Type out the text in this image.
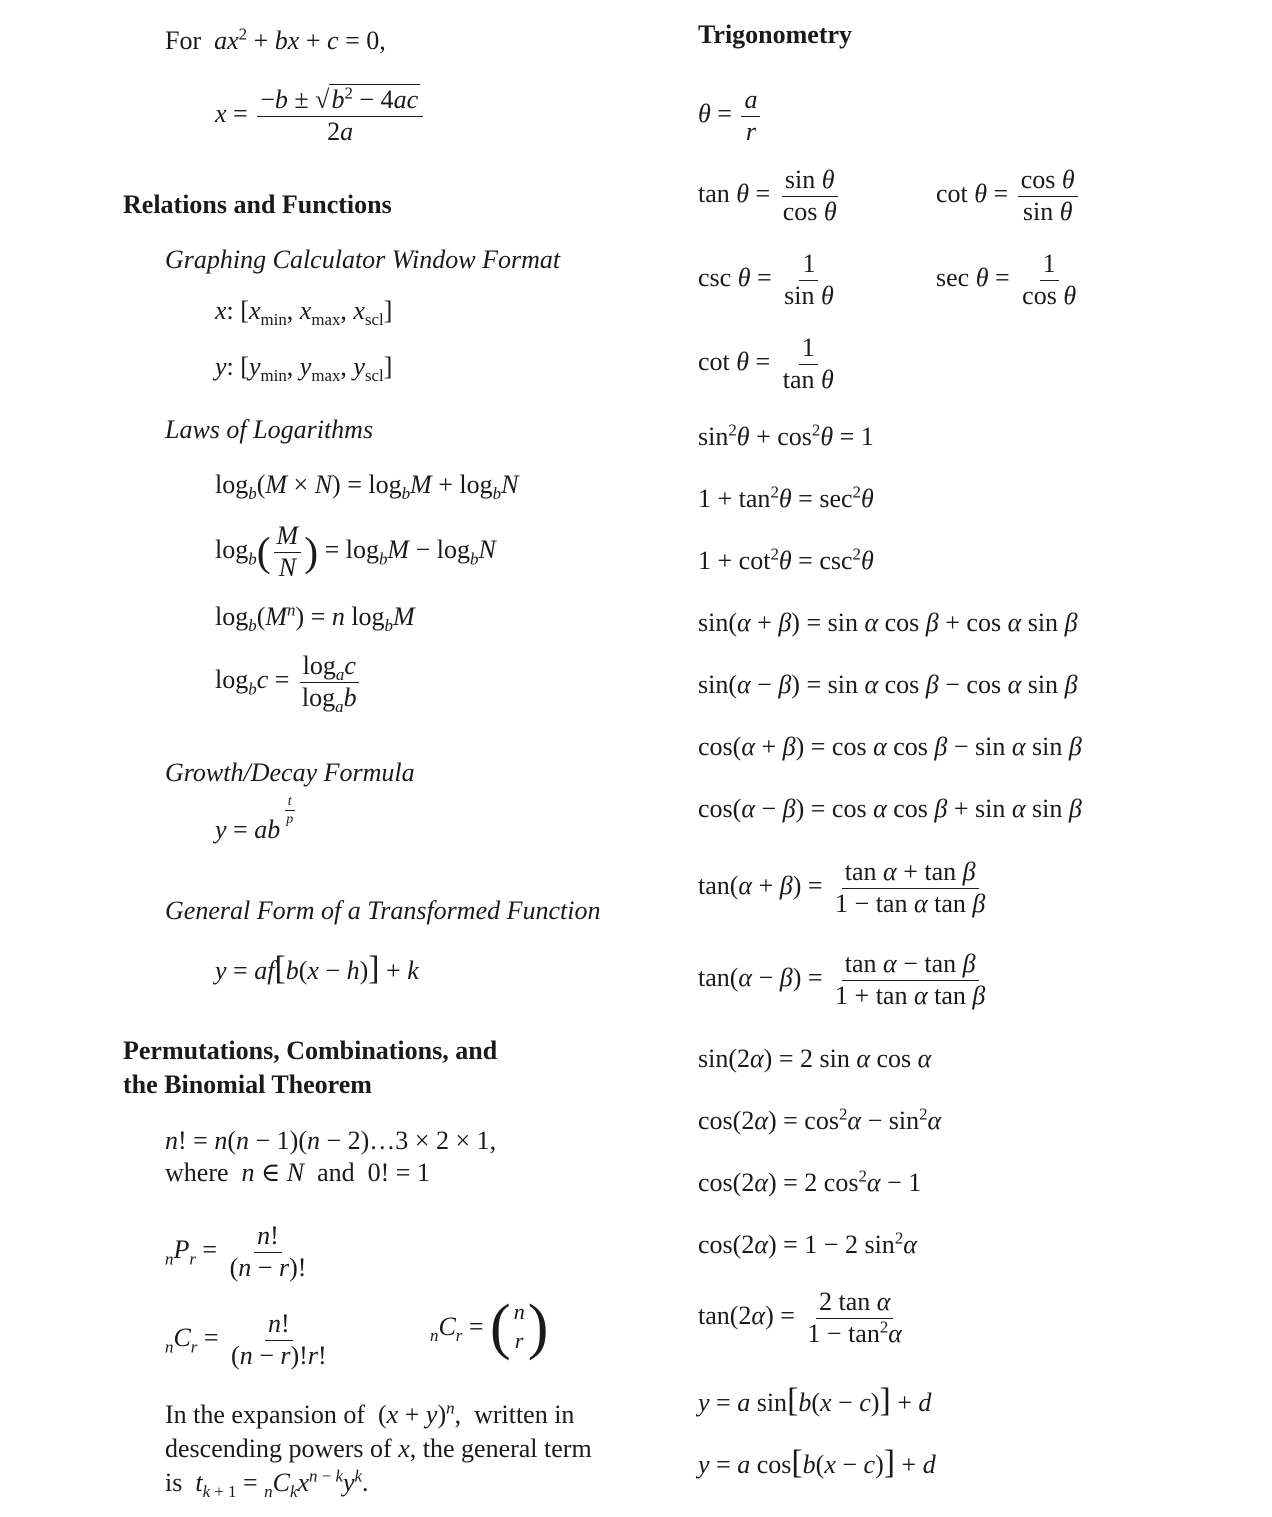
For  $ax^2$ + bx + c = 0,
$x = \frac{-b \pm √b^2 - 4ac}{2a}$
Relations and Functions
Graphing Calculator Window Format
x: [$x_{min}$, $x_{max}$, $x_{scl}$]
y: [$y_{min}$, $y_{max}$, $y_{scl}$]
Laws of Logarithms
$\log_b(M \times N) = \log_bM + \log_bN$
$\log_b( \frac{M}{N}$ ) = $\log_bM - \log_bN$
$\log_b(M^n) = n$ $\log_bM$
$\log_bc = \frac{\log_ac}{\log_ab}$
Growth/Decay Formula
y = ab
$^{\frac{t}{p}}$
General Form of a Transformed Function
y = af[b(x − h)] + k
Permutations, Combinations, and
the Binomial Theorem
n! = n(n − 1)(n − 2)…3 × 2 × 1,
where  n ∈ N  and  0! = 1
$_nP_r = \frac{n!}{(n - r)!}$
$_nC_r = \frac{n!}{(n - r)!r!}$	$_nC_r$ = ( n
r )
In the expansion of  $(x + y)^n$,  written in
descending powers of x, the general term
is  $t_{k + 1} = _nC_kx^{n - k}y^k$.
Trigonometry
$\theta = \frac{a}{r}$
$\tan \theta = \frac{\text{sin θ}}{\text{cos θ}}$	$\cot \theta = \frac{\text{cos θ}}{\text{sin θ}}$
$\csc \theta = \frac{1}{\text{sin θ}}$	$\sec \theta = \frac{1}{\text{cos θ}}$
$\cot \theta = \frac{1}{\text{tan θ}}$
$\sin^2\theta + \cos^2\theta = 1$
$1 + \tan^2\theta = \sec^2\theta$
$1 + \cot^2\theta = \csc^2\theta$
sin(α + β) = sin α cos β + cos α sin β
sin(α − β) = sin α cos β − cos α sin β
cos(α + β) = cos α cos β − sin α sin β
cos(α − β) = cos α cos β + sin α sin β
$\tan(\alpha + \beta) = \frac{\text{tan α + tan β}}{\text{1 − tan α tan β}}$
$\tan(\alpha - \beta) = \frac{\text{tan α − tan β}}{\text{1 + tan α tan β}}$
sin(2α) = 2 sin α cos α
$\cos(2\alpha) = \cos^2\alpha - \sin^2\alpha$
cos(2α) = 2 $\cos^2\alpha - 1$
cos(2α) = 1 − 2 $\sin^2\alpha$
$\tan(2\alpha) = \frac{\text{2 tan α}}{1 - \tan^2\alpha}$
y = a sin[b(x − c)] + d
y = a cos[b(x − c)] + d
